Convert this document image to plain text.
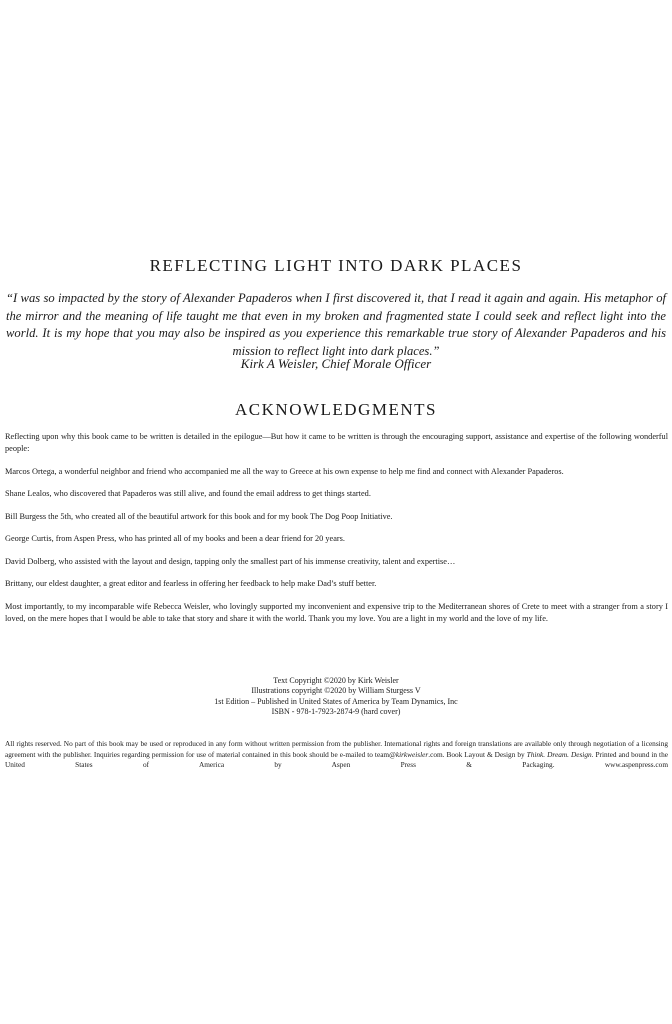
REFLECTING LIGHT INTO DARK PLACES

“I was so impacted by the story of Alexander Papaderos when I first discovered it, that I read it again and again. His metaphor of the mirror and the meaning of life taught me that even in my broken and fragmented state I could seek and reflect light into the world. It is my hope that you may also be inspired as you experience this remarkable true story of Alexander Papaderos and his mission to reflect light into dark places.”

Kirk A Weisler, Chief Morale Officer

ACKNOWLEDGMENTS

Reflecting upon why this book came to be written is detailed in the epilogue—But how it came to be written is through the encouraging support, assistance and expertise of the following wonderful people:

Marcos Ortega, a wonderful neighbor and friend who accompanied me all the way to Greece at his own expense to help me find and connect with Alexander Papaderos.

Shane Lealos, who discovered that Papaderos was still alive, and found the email address to get things started.

Bill Burgess the 5th, who created all of the beautiful artwork for this book and for my book The Dog Poop Initiative.

George Curtis, from Aspen Press, who has printed all of my books and been a dear friend for 20 years.

David Dolberg, who assisted with the layout and design, tapping only the smallest part of his immense creativity, talent and expertise…

Brittany, our eldest daughter, a great editor and fearless in offering her feedback to help make Dad’s stuff better.

Most importantly, to my incomparable wife Rebecca Weisler, who lovingly supported my inconvenient and expensive trip to the Mediterranean shores of Crete to meet with a stranger from a story I loved, on the mere hopes that I would be able to take that story and share it with the world. Thank you my love. You are a light in my world and the love of my life.

Text Copyright ©2020 by Kirk Weisler
Illustrations copyright ©2020 by William Sturgess V
1st Edition – Published in United States of America by Team Dynamics, Inc
ISBN - 978-1-7923-2874-9 (hard cover)
All rights reserved. No part of this book may be used or reproduced in any form without written permission from the publisher. International rights and foreign translations are available only through negotiation of a licensing agreement with the publisher. Inquiries regarding permission for use of material contained in this book should be e-mailed to team@kirkweisler.com. Book Layout & Design by Think. Dream. Design. Printed and bound in the United States of America by Aspen Press & Packaging. www.aspenpress.com
